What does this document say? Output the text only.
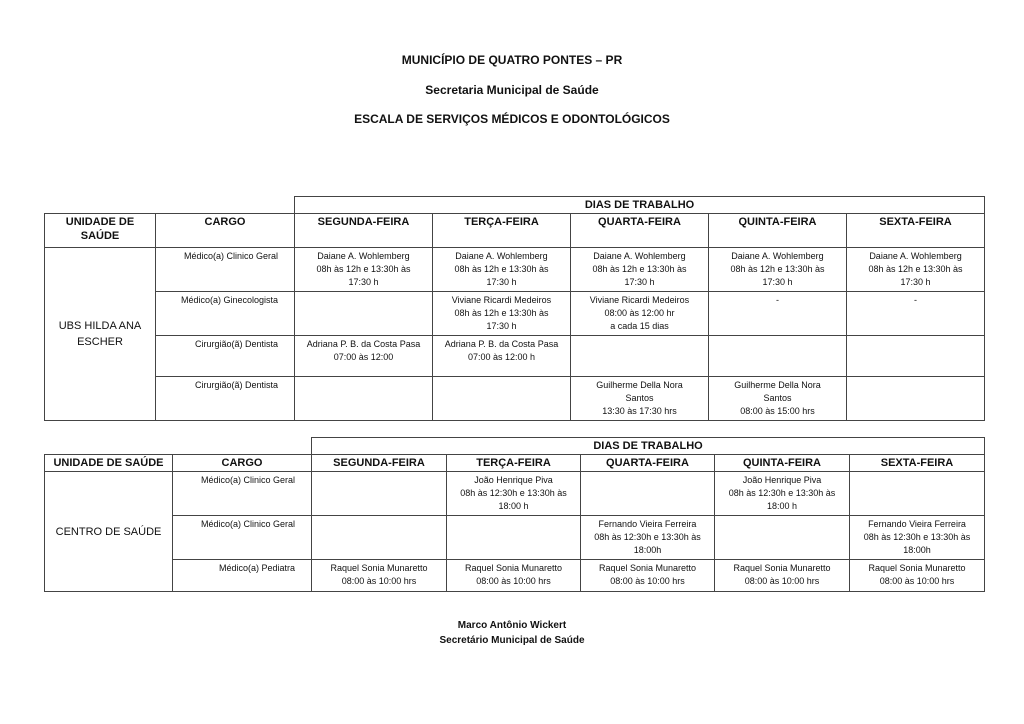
MUNICÍPIO DE QUATRO PONTES – PR
Secretaria Municipal de Saúde
ESCALA DE SERVIÇOS MÉDICOS E ODONTOLÓGICOS
		DIAS DE TRABALHO				
UNIDADE DE SAÚDE	CARGO	SEGUNDA-FEIRA	TERÇA-FEIRA	QUARTA-FEIRA	QUINTA-FEIRA	SEXTA-FEIRA
UBS HILDA ANA ESCHER	Médico(a) Clinico Geral	Daiane A. Wohlemberg
08h às 12h e 13:30h às
17:30 h	Daiane A. Wohlemberg
08h às 12h e 13:30h às
17:30 h	Daiane A. Wohlemberg
08h às 12h e 13:30h às
17:30 h	Daiane A. Wohlemberg
08h às 12h e 13:30h às
17:30 h	Daiane A. Wohlemberg
08h às 12h e 13:30h às
17:30 h

	Médico(a) Ginecologista		Viviane Ricardi Medeiros
08h às 12h e 13:30h às
17:30 h	Viviane Ricardi Medeiros
08:00 às 12:00 hr
a cada 15 dias	-	-

	Cirurgião(ã) Dentista	Adriana P. B. da Costa Pasa
07:00 às 12:00	Adriana P. B. da Costa Pasa
07:00 às 12:00 h			

	Cirurgião(ã) Dentista			Guilherme Della Nora
Santos
13:30 às 17:30 hrs	Guilherme Della Nora
Santos
08:00 às 15:00 hrs	

		DIAS DE TRABALHO				
UNIDADE DE SAÚDE	CARGO	SEGUNDA-FEIRA	TERÇA-FEIRA	QUARTA-FEIRA	QUINTA-FEIRA	SEXTA-FEIRA
CENTRO DE SAÚDE	Médico(a) Clinico Geral		João Henrique Piva
08h às 12:30h e 13:30h às
18:00 h		João Henrique Piva
08h às 12:30h e 13:30h às
18:00 h	

	Médico(a) Clinico Geral			Fernando Vieira Ferreira
08h às 12:30h e 13:30h às
18:00h		Fernando Vieira Ferreira
08h às 12:30h e 13:30h às
18:00h

	Médico(a) Pediatra	Raquel Sonia Munaretto
08:00 às 10:00 hrs	Raquel Sonia Munaretto
08:00 às 10:00 hrs	Raquel Sonia Munaretto
08:00 às 10:00 hrs	Raquel Sonia Munaretto
08:00 às 10:00 hrs	Raquel Sonia Munaretto
08:00 às 10:00 hrs
Marco Antônio Wickert
Secretário Municipal de Saúde
